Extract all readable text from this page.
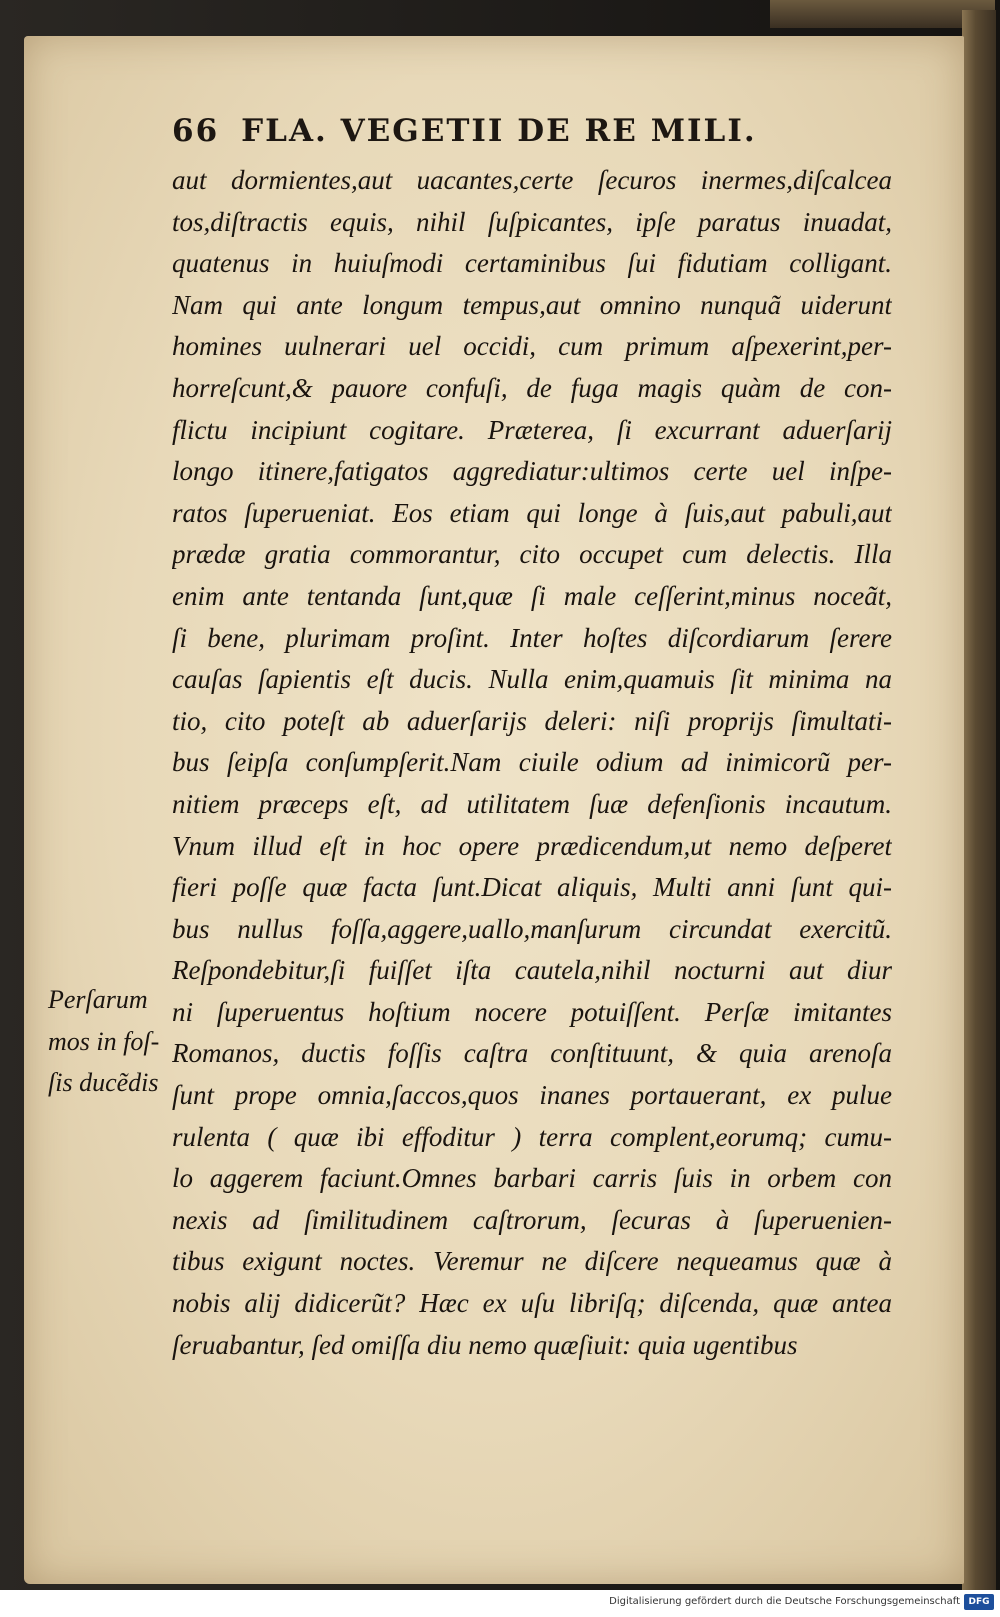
66 FLA. VEGETII DE RE MILI.
aut dormientes,aut uacantes,certe ſecuros inermes,diſcalcea
tos,diſtractis equis, nihil ſuſpicantes, ipſe paratus inuadat,
quatenus in huiuſmodi certaminibus ſui fidutiam colligant.
Nam qui ante longum tempus,aut omnino nunquã uiderunt
homines uulnerari uel occidi, cum primum aſpexerint,per-
horreſcunt,& pauore confuſi, de fuga magis quàm de con-
flictu incipiunt cogitare. Præterea, ſi excurrant aduerſarij
longo itinere,fatigatos aggrediatur:ultimos certe uel inſpe-
ratos ſuperueniat. Eos etiam qui longe à ſuis,aut pabuli,aut
prædæ gratia commorantur, cito occupet cum delectis. Illa
enim ante tentanda ſunt,quæ ſi male ceſſerint,minus noceãt,
ſi bene, plurimam proſint. Inter hoſtes diſcordiarum ſerere
cauſas ſapientis eſt ducis. Nulla enim,quamuis ſit minima na
tio, cito poteſt ab aduerſarijs deleri: niſi proprijs ſimultati-
bus ſeipſa conſumpſerit.Nam ciuile odium ad inimicorũ per-
nitiem præceps eſt, ad utilitatem ſuæ defenſionis incautum.
Vnum illud eſt in hoc opere prædicendum,ut nemo deſperet
fieri poſſe quæ facta ſunt.Dicat aliquis, Multi anni ſunt qui-
bus nullus foſſa,aggere,uallo,manſurum circundat exercitũ.
Reſpondebitur,ſi fuiſſet iſta cautela,nihil nocturni aut diur
ni ſuperuentus hoſtium nocere potuiſſent. Perſæ imitantes
Romanos, ductis foſſis caſtra conſtituunt, & quia arenoſa
ſunt prope omnia,ſaccos,quos inanes portauerant, ex pulue
rulenta ( quæ ibi effoditur ) terra complent,eorumq; cumu-
lo aggerem faciunt.Omnes barbari carris ſuis in orbem con
nexis ad ſimilitudinem caſtrorum, ſecuras à ſuperuenien-
tibus exigunt noctes. Veremur ne diſcere nequeamus quæ à
nobis alij didicerũt? Hæc ex uſu libriſq; diſcenda, quæ antea
ſeruabantur, ſed omiſſa diu nemo quæſiuit: quia ugentibus
Perſarum
mos in foſ-
ſis ducẽdis
Digitalisierung gefördert durch die Deutsche Forschungsgemeinschaft DFG
